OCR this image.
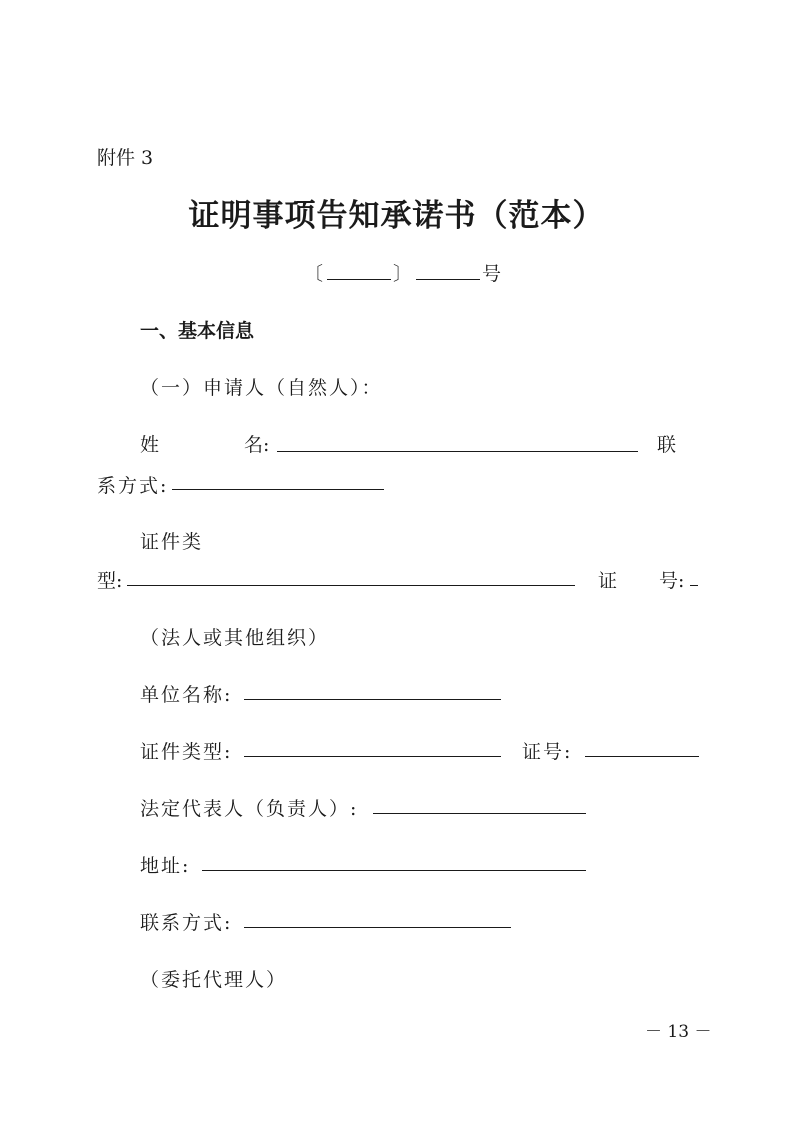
附件 3
证明事项告知承诺书（范本）
〔	〕	号
一、基本信息
（一）申请人（自然人）：
姓	名:	联
系方式:
证件类
型:	证 号:
（法人或其他组织）
单位名称:
证件类型:	证号:
法定代表人（负责人）:
地址:
联系方式:
（委托代理人）
－ 13 －
